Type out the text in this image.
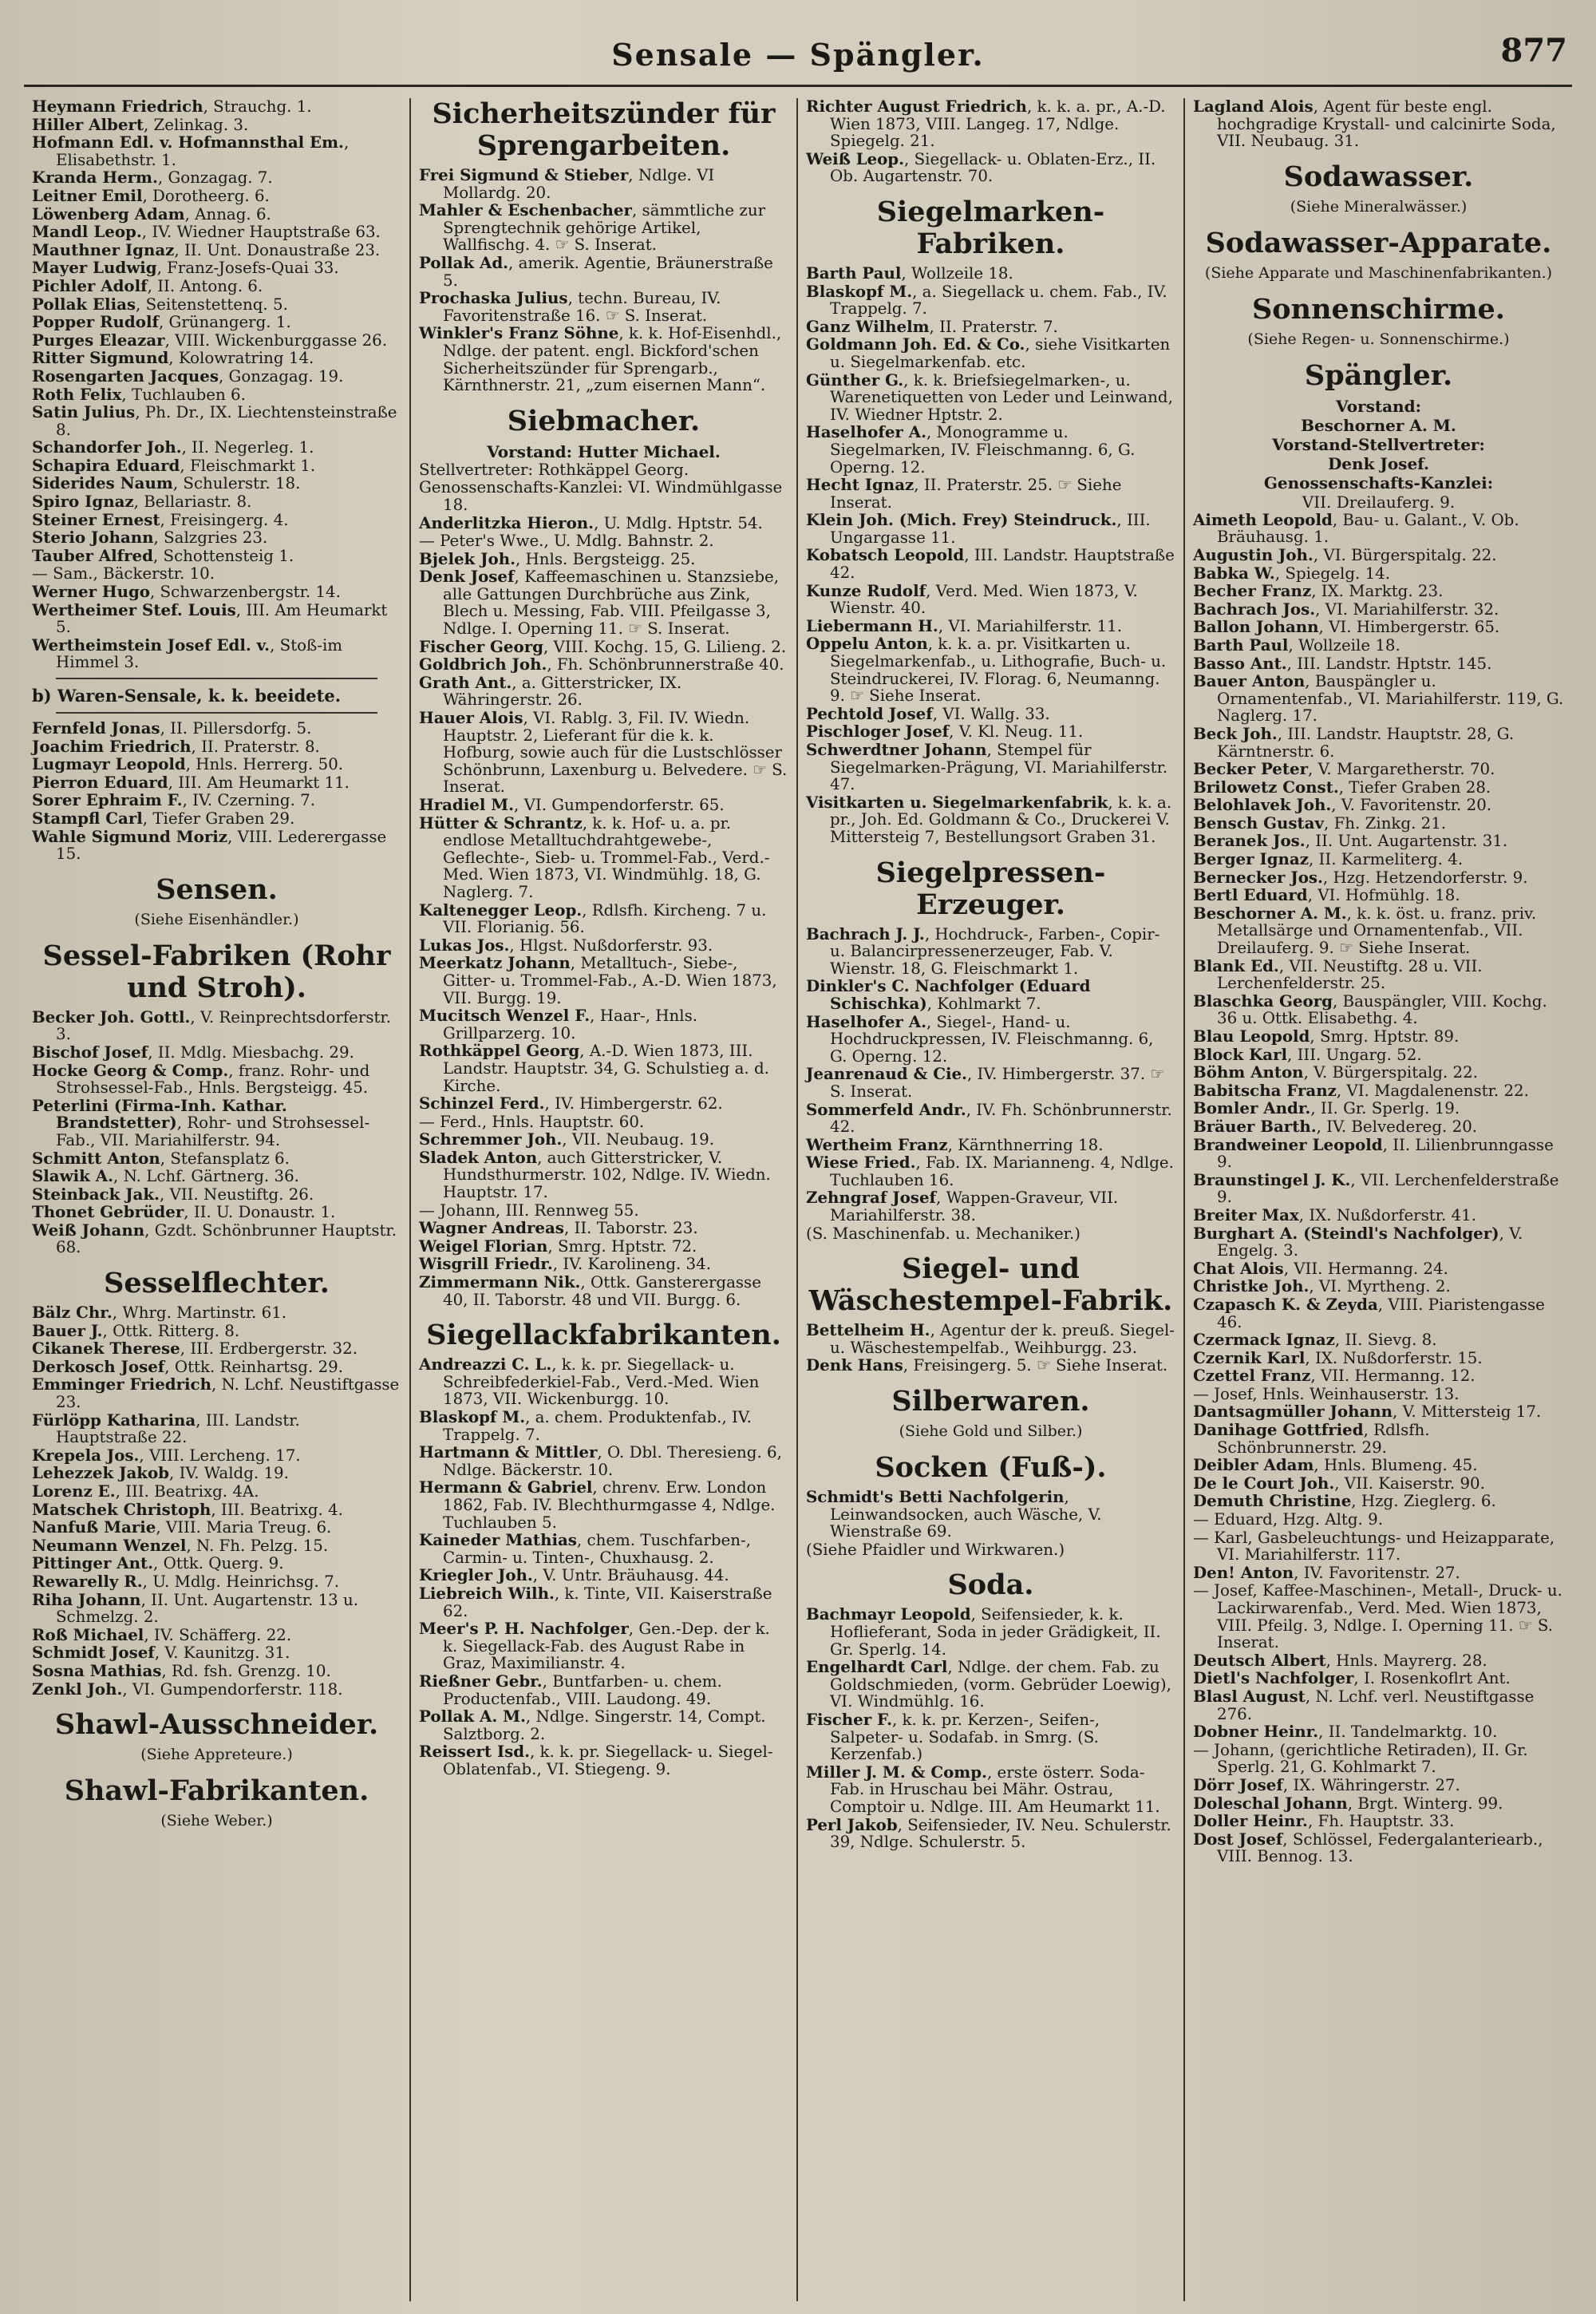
Sensale — Spängler.	877
Heymann Friedrich, Strauchg. 1.
Hiller Albert, Zelinkag. 3.
Hofmann Edl. v. Hofmannsthal Em., Elisabethstr. 1.
Kranda Herm., Gonzagag. 7.
Leitner Emil, Dorotheerg. 6.
Löwenberg Adam, Annag. 6.
Mandl Leop., IV. Wiedner Hauptstraße 63.
Mauthner Ignaz, II. Unt. Donaustraße 23.
Mayer Ludwig, Franz-Josefs-Quai 33.
Pichler Adolf, II. Antong. 6.
Pollak Elias, Seitenstettenq. 5.
Popper Rudolf, Grünangerg. 1.
Purges Eleazar, VIII. Wickenburggasse 26.
Ritter Sigmund, Kolowratring 14.
Rosengarten Jacques, Gonzagag. 19.
Roth Felix, Tuchlauben 6.
Satin Julius, Ph. Dr., IX. Liechtensteinstraße 8.
Schandorfer Joh., II. Negerleg. 1.
Schapira Eduard, Fleischmarkt 1.
Siderides Naum, Schulerstr. 18.
Spiro Ignaz, Bellariastr. 8.
Steiner Ernest, Freisingerg. 4.
Sterio Johann, Salzgries 23.
Tauber Alfred, Schottensteig 1.
— Sam., Bäckerstr. 10.
Werner Hugo, Schwarzenbergstr. 14.
Wertheimer Stef. Louis, III. Am Heumarkt 5.
Wertheimstein Josef Edl. v., Stoß-im Himmel 3.
b) Waren-Sensale, k. k. beeidete.
Fernfeld Jonas, II. Pillersdorfg. 5.
Joachim Friedrich, II. Praterstr. 8.
Lugmayr Leopold, Hnls. Herrerg. 50.
Pierron Eduard, III. Am Heumarkt 11.
Sorer Ephraim F., IV. Czerning. 7.
Stampfl Carl, Tiefer Graben 29.
Wahle Sigmund Moriz, VIII. Lederergasse 15.
Sensen.
(Siehe Eisenhändler.)
Sessel-Fabriken (Rohr und Stroh).
Becker Joh. Gottl., V. Reinprechtsdorferstr. 3.
Bischof Josef, II. Mdlg. Miesbachg. 29.
Hocke Georg & Comp., franz. Rohr- und Strohsessel-Fab., Hnls. Bergsteigg. 45.
Peterlini (Firma-Inh. Kathar. Brandstetter), Rohr- und Strohsessel-Fab., VII. Mariahilferstr. 94.
Schmitt Anton, Stefansplatz 6.
Slawik A., N. Lchf. Gärtnerg. 36.
Steinback Jak., VII. Neustiftg. 26.
Thonet Gebrüder, II. U. Donaustr. 1.
Weiß Johann, Gzdt. Schönbrunner Hauptstr. 68.
Sesselflechter.
Bälz Chr., Whrg. Martinstr. 61.
Bauer J., Ottk. Ritterg. 8.
Cikanek Therese, III. Erdbergerstr. 32.
Derkosch Josef, Ottk. Reinhartsg. 29.
Emminger Friedrich, N. Lchf. Neustiftgasse 23.
Fürlöpp Katharina, III. Landstr. Hauptstraße 22.
Krepela Jos., VIII. Lercheng. 17.
Lehezzek Jakob, IV. Waldg. 19.
Lorenz E., III. Beatrixg. 4A.
Matschek Christoph, III. Beatrixg. 4.
Nanfuß Marie, VIII. Maria Treug. 6.
Neumann Wenzel, N. Fh. Pelzg. 15.
Pittinger Ant., Ottk. Querg. 9.
Rewarelly R., U. Mdlg. Heinrichsg. 7.
Riha Johann, II. Unt. Augartenstr. 13 u. Schmelzg. 2.
Roß Michael, IV. Schäfferg. 22.
Schmidt Josef, V. Kaunitzg. 31.
Sosna Mathias, Rd. fsh. Grenzg. 10.
Zenkl Joh., VI. Gumpendorferstr. 118.
Shawl-Ausschneider.
(Siehe Appreteure.)
Shawl-Fabrikanten.
(Siehe Weber.)
Sicherheitszünder für Sprengarbeiten.
Frei Sigmund & Stieber, Ndlge. VI Mollardg. 20.
Mahler & Eschenbacher, sämmtliche zur Sprengtechnik gehörige Artikel, Wallfischg. 4. ☞ S. Inserat.
Pollak Ad., amerik. Agentie, Bräunerstraße 5.
Prochaska Julius, techn. Bureau, IV. Favoritenstraße 16. ☞ S. Inserat.
Winkler's Franz Söhne, k. k. Hof-Eisenhdl., Ndlge. der patent. engl. Bickford'schen Sicherheitszünder für Sprengarb., Kärnthnerstr. 21, „zum eisernen Mann“.
Siebmacher.
Vorstand: Hutter Michael.
Stellvertreter: Rothkäppel Georg.
Genossenschafts-Kanzlei: VI. Windmühlgasse 18.
Anderlitzka Hieron., U. Mdlg. Hptstr. 54.
— Peter's Wwe., U. Mdlg. Bahnstr. 2.
Bjelek Joh., Hnls. Bergsteigg. 25.
Denk Josef, Kaffeemaschinen u. Stanzsiebe, alle Gattungen Durchbrüche aus Zink, Blech u. Messing, Fab. VIII. Pfeilgasse 3, Ndlge. I. Operning 11. ☞ S. Inserat.
Fischer Georg, VIII. Kochg. 15, G. Lilieng. 2.
Goldbrich Joh., Fh. Schönbrunnerstraße 40.
Grath Ant., a. Gitterstricker, IX. Währingerstr. 26.
Hauer Alois, VI. Rablg. 3, Fil. IV. Wiedn. Hauptstr. 2, Lieferant für die k. k. Hofburg, sowie auch für die Lustschlösser Schönbrunn, Laxenburg u. Belvedere. ☞ S. Inserat.
Hradiel M., VI. Gumpendorferstr. 65.
Hütter & Schrantz, k. k. Hof- u. a. pr. endlose Metalltuchdrahtgewebe-, Geflechte-, Sieb- u. Trommel-Fab., Verd.-Med. Wien 1873, VI. Windmühlg. 18, G. Naglerg. 7.
Kaltenegger Leop., Rdlsfh. Kircheng. 7 u. VII. Florianig. 56.
Lukas Jos., Hlgst. Nußdorferstr. 93.
Meerkatz Johann, Metalltuch-, Siebe-, Gitter- u. Trommel-Fab., A.-D. Wien 1873, VII. Burgg. 19.
Mucitsch Wenzel F., Haar-, Hnls. Grillparzerg. 10.
Rothkäppel Georg, A.-D. Wien 1873, III. Landstr. Hauptstr. 34, G. Schulstieg a. d. Kirche.
Schinzel Ferd., IV. Himbergerstr. 62.
— Ferd., Hnls. Hauptstr. 60.
Schremmer Joh., VII. Neubaug. 19.
Sladek Anton, auch Gitterstricker, V. Hundsthurmerstr. 102, Ndlge. IV. Wiedn. Hauptstr. 17.
— Johann, III. Rennweg 55.
Wagner Andreas, II. Taborstr. 23.
Weigel Florian, Smrg. Hptstr. 72.
Wisgrill Friedr., IV. Karolineng. 34.
Zimmermann Nik., Ottk. Gansterergasse 40, II. Taborstr. 48 und VII. Burgg. 6.
Siegellackfabrikanten.
Andreazzi C. L., k. k. pr. Siegellack- u. Schreibfederkiel-Fab., Verd.-Med. Wien 1873, VII. Wickenburgg. 10.
Blaskopf M., a. chem. Produktenfab., IV. Trappelg. 7.
Hartmann & Mittler, O. Dbl. Theresieng. 6, Ndlge. Bäckerstr. 10.
Hermann & Gabriel, chrenv. Erw. London 1862, Fab. IV. Blechthurmgasse 4, Ndlge. Tuchlauben 5.
Kaineder Mathias, chem. Tuschfarben-, Carmin- u. Tinten-, Chuxhausg. 2.
Kriegler Joh., V. Untr. Bräuhausg. 44.
Liebreich Wilh., k. Tinte, VII. Kaiserstraße 62.
Meer's P. H. Nachfolger, Gen.-Dep. der k. k. Siegellack-Fab. des August Rabe in Graz, Maximilianstr. 4.
Rießner Gebr., Buntfarben- u. chem. Productenfab., VIII. Laudong. 49.
Pollak A. M., Ndlge. Singerstr. 14, Compt. Salztborg. 2.
Reissert Isd., k. k. pr. Siegellack- u. Siegel-Oblatenfab., VI. Stiegeng. 9.
Richter August Friedrich, k. k. a. pr., A.-D. Wien 1873, VIII. Langeg. 17, Ndlge. Spiegelg. 21.
Weiß Leop., Siegellack- u. Oblaten-Erz., II. Ob. Augartenstr. 70.
Siegelmarken-Fabriken.
Barth Paul, Wollzeile 18.
Blaskopf M., a. Siegellack u. chem. Fab., IV. Trappelg. 7.
Ganz Wilhelm, II. Praterstr. 7.
Goldmann Joh. Ed. & Co., siehe Visitkarten u. Siegelmarkenfab. etc.
Günther G., k. k. Briefsiegelmarken-, u. Warenetiquetten von Leder und Leinwand, IV. Wiedner Hptstr. 2.
Haselhofer A., Monogramme u. Siegelmarken, IV. Fleischmanng. 6, G. Operng. 12.
Hecht Ignaz, II. Praterstr. 25. ☞ Siehe Inserat.
Klein Joh. (Mich. Frey) Steindruck., III. Ungargasse 11.
Kobatsch Leopold, III. Landstr. Hauptstraße 42.
Kunze Rudolf, Verd. Med. Wien 1873, V. Wienstr. 40.
Liebermann H., VI. Mariahilferstr. 11.
Oppelu Anton, k. k. a. pr. Visitkarten u. Siegelmarkenfab., u. Lithografie, Buch- u. Steindruckerei, IV. Florag. 6, Neumanng. 9. ☞ Siehe Inserat.
Pechtold Josef, VI. Wallg. 33.
Pischloger Josef, V. Kl. Neug. 11.
Schwerdtner Johann, Stempel für Siegelmarken-Prägung, VI. Mariahilferstr. 47.
Visitkarten u. Siegelmarkenfabrik, k. k. a. pr., Joh. Ed. Goldmann & Co., Druckerei V. Mittersteig 7, Bestellungsort Graben 31.
Siegelpressen-Erzeuger.
Bachrach J. J., Hochdruck-, Farben-, Copir- u. Balancirpressenerzeuger, Fab. V. Wienstr. 18, G. Fleischmarkt 1.
Dinkler's C. Nachfolger (Eduard Schischka), Kohlmarkt 7.
Haselhofer A., Siegel-, Hand- u. Hochdruckpressen, IV. Fleischmanng. 6, G. Operng. 12.
Jeanrenaud & Cie., IV. Himbergerstr. 37. ☞ S. Inserat.
Sommerfeld Andr., IV. Fh. Schönbrunnerstr. 42.
Wertheim Franz, Kärnthnerring 18.
Wiese Fried., Fab. IX. Marianneng. 4, Ndlge. Tuchlauben 16.
Zehngraf Josef, Wappen-Graveur, VII. Mariahilferstr. 38.
(S. Maschinenfab. u. Mechaniker.)
Siegel- und Wäschestempel-Fabrik.
Bettelheim H., Agentur der k. preuß. Siegel- u. Wäschestempelfab., Weihburgg. 23.
Denk Hans, Freisingerg. 5. ☞ Siehe Inserat.
Silberwaren.
(Siehe Gold und Silber.)
Socken (Fuß-).
Schmidt's Betti Nachfolgerin, Leinwandsocken, auch Wäsche, V. Wienstraße 69.
(Siehe Pfaidler und Wirkwaren.)
Soda.
Bachmayr Leopold, Seifensieder, k. k. Hoflieferant, Soda in jeder Grädigkeit, II. Gr. Sperlg. 14.
Engelhardt Carl, Ndlge. der chem. Fab. zu Goldschmieden, (vorm. Gebrüder Loewig), VI. Windmühlg. 16.
Fischer F., k. k. pr. Kerzen-, Seifen-, Salpeter- u. Sodafab. in Smrg. (S. Kerzenfab.)
Miller J. M. & Comp., erste österr. Soda-Fab. in Hruschau bei Mähr. Ostrau, Comptoir u. Ndlge. III. Am Heumarkt 11.
Perl Jakob, Seifensieder, IV. Neu. Schulerstr. 39, Ndlge. Schulerstr. 5.
Lagland Alois, Agent für beste engl. hochgradige Krystall- und calcinirte Soda, VII. Neubaug. 31.
Sodawasser.
(Siehe Mineralwässer.)
Sodawasser-Apparate.
(Siehe Apparate und Maschinenfabrikanten.)
Sonnenschirme.
(Siehe Regen- u. Sonnenschirme.)
Spängler.
Vorstand:
Beschorner A. M.
Vorstand-Stellvertreter:
Denk Josef.
Genossenschafts-Kanzlei:
VII. Dreilauferg. 9.
Aimeth Leopold, Bau- u. Galant., V. Ob. Bräuhausg. 1.
Augustin Joh., VI. Bürgerspitalg. 22.
Babka W., Spiegelg. 14.
Becher Franz, IX. Marktg. 23.
Bachrach Jos., VI. Mariahilferstr. 32.
Ballon Johann, VI. Himbergerstr. 65.
Barth Paul, Wollzeile 18.
Basso Ant., III. Landstr. Hptstr. 145.
Bauer Anton, Bauspängler u. Ornamentenfab., VI. Mariahilferstr. 119, G. Naglerg. 17.
Beck Joh., III. Landstr. Hauptstr. 28, G. Kärntnerstr. 6.
Becker Peter, V. Margaretherstr. 70.
Brilowetz Const., Tiefer Graben 28.
Belohlavek Joh., V. Favoritenstr. 20.
Bensch Gustav, Fh. Zinkg. 21.
Beranek Jos., II. Unt. Augartenstr. 31.
Berger Ignaz, II. Karmeliterg. 4.
Bernecker Jos., Hzg. Hetzendorferstr. 9.
Bertl Eduard, VI. Hofmühlg. 18.
Beschorner A. M., k. k. öst. u. franz. priv. Metallsärge und Ornamentenfab., VII. Dreilauferg. 9. ☞ Siehe Inserat.
Blank Ed., VII. Neustiftg. 28 u. VII. Lerchenfelderstr. 25.
Blaschka Georg, Bauspängler, VIII. Kochg. 36 u. Ottk. Elisabethg. 4.
Blau Leopold, Smrg. Hptstr. 89.
Block Karl, III. Ungarg. 52.
Böhm Anton, V. Bürgerspitalg. 22.
Babitscha Franz, VI. Magdalenenstr. 22.
Bomler Andr., II. Gr. Sperlg. 19.
Bräuer Barth., IV. Belvedereg. 20.
Brandweiner Leopold, II. Lilienbrunngasse 9.
Braunstingel J. K., VII. Lerchenfelderstraße 9.
Breiter Max, IX. Nußdorferstr. 41.
Burghart A. (Steindl's Nachfolger), V. Engelg. 3.
Chat Alois, VII. Hermanng. 24.
Christke Joh., VI. Myrtheng. 2.
Czapasch K. & Zeyda, VIII. Piaristengasse 46.
Czermack Ignaz, II. Sievg. 8.
Czernik Karl, IX. Nußdorferstr. 15.
Czettel Franz, VII. Hermanng. 12.
— Josef, Hnls. Weinhauserstr. 13.
Dantsagmüller Johann, V. Mittersteig 17.
Danihage Gottfried, Rdlsfh. Schönbrunnerstr. 29.
Deibler Adam, Hnls. Blumeng. 45.
De le Court Joh., VII. Kaiserstr. 90.
Demuth Christine, Hzg. Zieglerg. 6.
— Eduard, Hzg. Altg. 9.
— Karl, Gasbeleuchtungs- und Heizapparate, VI. Mariahilferstr. 117.
Den! Anton, IV. Favoritenstr. 27.
— Josef, Kaffee-Maschinen-, Metall-, Druck- u. Lackirwarenfab., Verd. Med. Wien 1873, VIII. Pfeilg. 3, Ndlge. I. Operning 11. ☞ S. Inserat.
Deutsch Albert, Hnls. Mayrerg. 28.
Dietl's Nachfolger, I. Rosenkoflrt Ant.
Blasl August, N. Lchf. verl. Neustiftgasse 276.
Dobner Heinr., II. Tandelmarktg. 10.
— Johann, (gerichtliche Retiraden), II. Gr. Sperlg. 21, G. Kohlmarkt 7.
Dörr Josef, IX. Währingerstr. 27.
Doleschal Johann, Brgt. Winterg. 99.
Doller Heinr., Fh. Hauptstr. 33.
Dost Josef, Schlössel, Federgalanteriearb., VIII. Bennog. 13.
